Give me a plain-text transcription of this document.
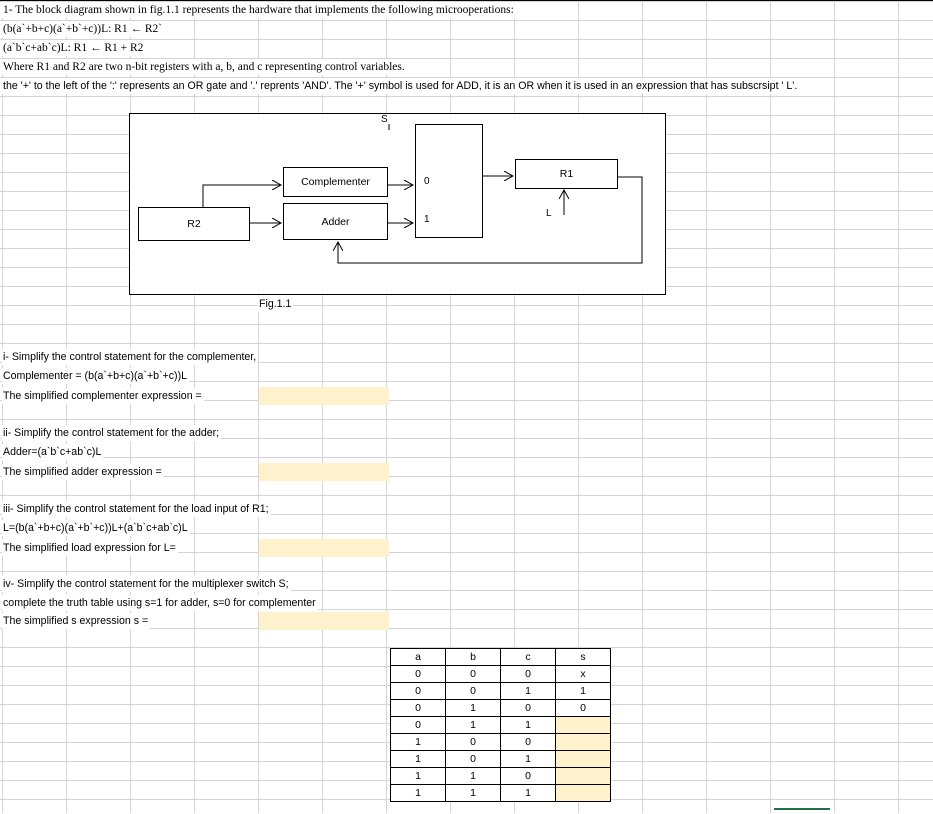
1- The block diagram shown in fig.1.1 represents the hardware that implements the following microoperations:
(b(a`+b+c)(a`+b`+c))L: R1 ← R2`
(a`b`c+ab`c)L: R1 ← R1 + R2
Where R1 and R2 are two n-bit registers with a, b, and c representing control variables.
the '+' to the left of the ':' represents an OR gate and '.' reprents 'AND'. The '+' symbol is used for ADD, it is an OR when it is used in an expression that has subscrsipt ' L'.
S
0
1
Complementer
Adder
R2
R1
L
Fig.1.1
i- Simplify the control statement for the complementer,
Complementer = (b(a`+b+c)(a`+b`+c))L
The simplified complementer expression =
ii- Simplify the control statement for the adder;
Adder=(a`b`c+ab`c)L
The simplified adder expression =
iii- Simplify the control statement for the load input of R1;
L=(b(a`+b+c)(a`+b`+c))L+(a`b`c+ab`c)L
The simplified load expression for L=
iv- Simplify the control statement for the multiplexer switch S;
complete the truth table using s=1 for adder, s=0 for complementer
The simplified s expression s =
a	b	c	s
0	0	0	x
0	0	1	1
0	1	0	0
0	1	1	
1	0	0	
1	0	1	
1	1	0	
1	1	1	
